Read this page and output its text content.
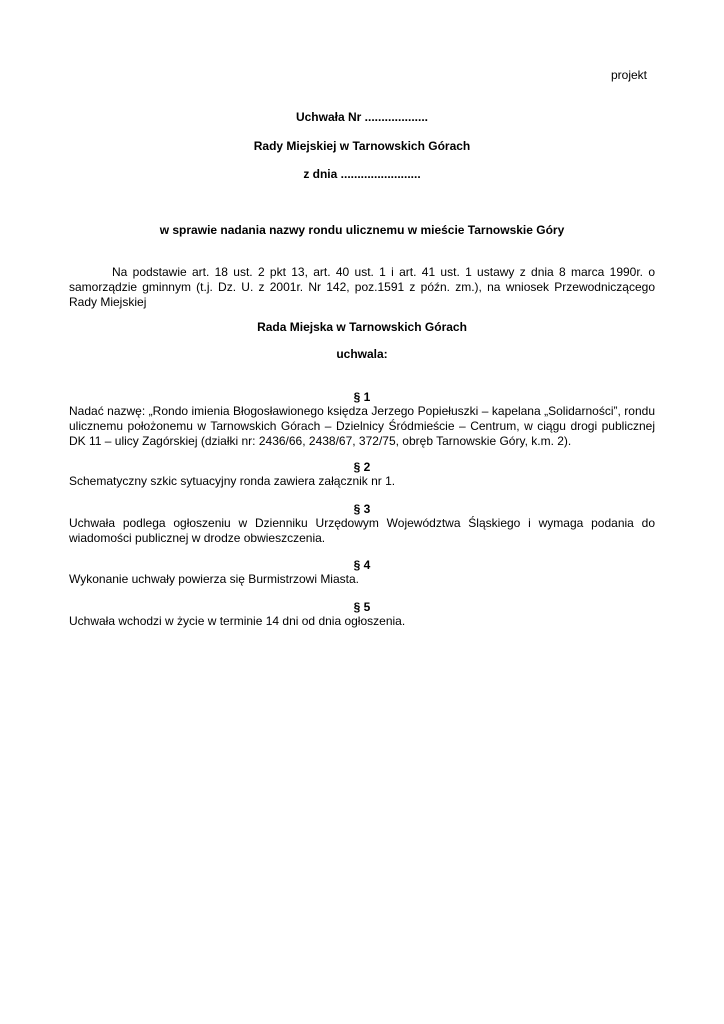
projekt
Uchwała Nr ...................
Rady Miejskiej w Tarnowskich Górach
z dnia ........................
w sprawie nadania nazwy rondu ulicznemu w mieście Tarnowskie Góry

Na podstawie art. 18 ust. 2 pkt 13, art. 40 ust. 1 i art. 41 ust. 1 ustawy z dnia 8 marca 1990r. o samorządzie gminnym (t.j. Dz. U. z 2001r. Nr 142, poz.1591 z późn. zm.), na wniosek Przewodniczącego Rady Miejskiej

Rada Miejska w Tarnowskich Górach
uchwala:
§ 1

Nadać nazwę: „Rondo imienia Błogosławionego księdza Jerzego Popiełuszki – kapelana „Solidarności”, rondu ulicznemu położonemu w Tarnowskich Górach – Dzielnicy Śródmieście – Centrum, w ciągu drogi publicznej DK 11 – ulicy Zagórskiej (działki nr: 2436/66, 2438/67, 372/75, obręb Tarnowskie Góry, k.m. 2).

§ 2

Schematyczny szkic sytuacyjny ronda zawiera załącznik nr 1.

§ 3

Uchwała podlega ogłoszeniu w Dzienniku Urzędowym Województwa Śląskiego i wymaga podania do wiadomości publicznej w drodze obwieszczenia.

§ 4

Wykonanie uchwały powierza się Burmistrzowi Miasta.

§ 5

Uchwała wchodzi w życie w terminie 14 dni od dnia ogłoszenia.
